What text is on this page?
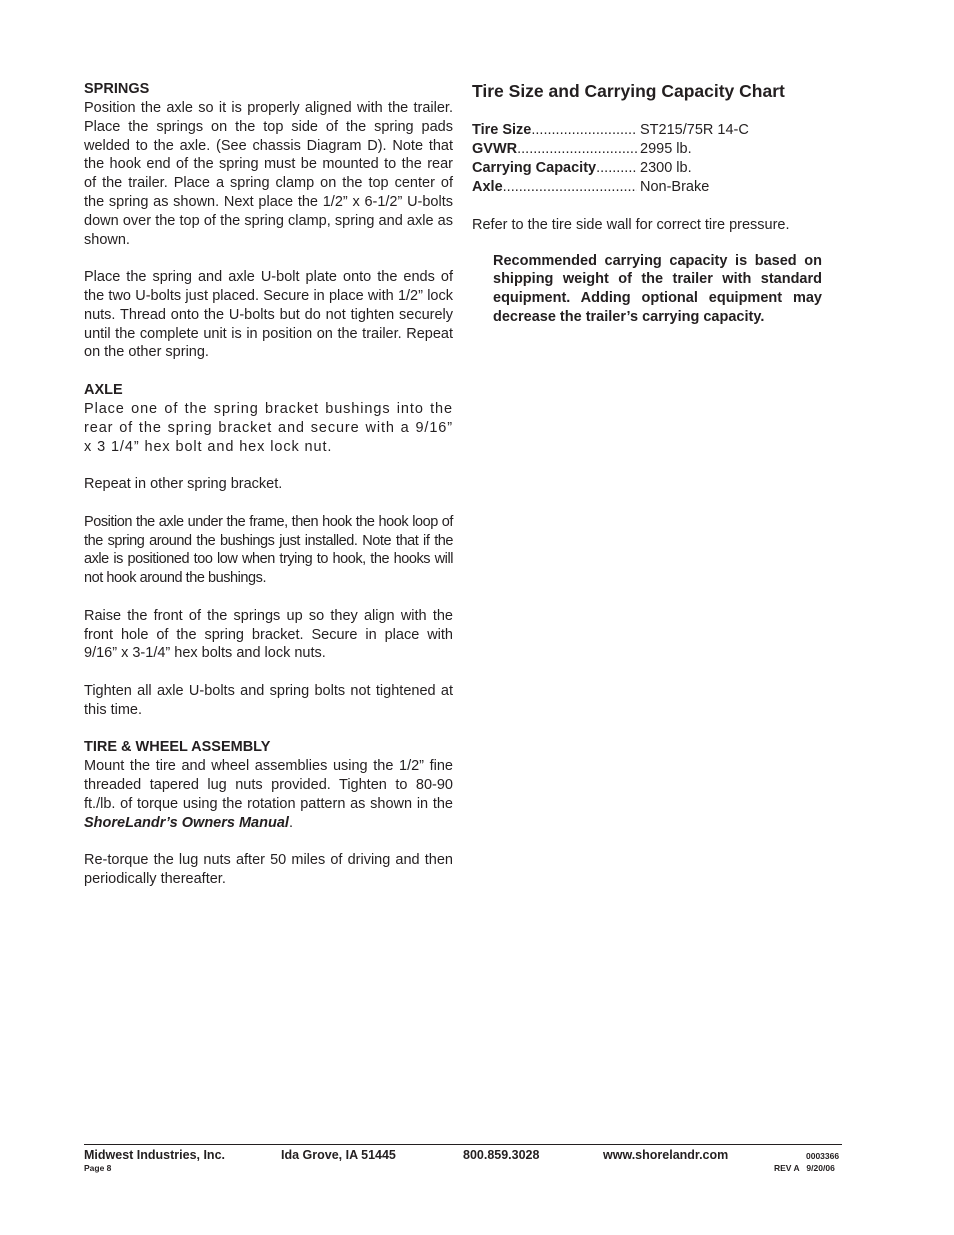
SPRINGS

Position the axle so it is properly aligned with the trailer. Place the springs on the top side of the spring pads welded to the axle. (See chassis Diagram D). Note that the hook end of the spring must be mounted to the rear of the trailer. Place a spring clamp on the top center of the spring as shown. Next place the 1/2” x 6-1/2” U-bolts down over the top of the spring clamp, spring and axle as shown.

Place the spring and axle U-bolt plate onto the ends of the two U-bolts just placed. Secure in place with 1/2” lock nuts. Thread onto the U-bolts but do not tighten securely until the complete unit is in position on the trailer. Repeat on the other spring.

AXLE

Place one of the spring bracket bushings into the rear of the spring bracket and secure with a 9/16” x 3 1/4” hex bolt and hex lock nut.

Repeat in other spring bracket.

Position the axle under the frame, then hook the hook loop of the spring around the bushings just installed. Note that if the axle is positioned too low when trying to hook, the hooks will not hook around the bushings.

Raise the front of the springs up so they align with the front hole of the spring bracket. Secure in place with 9/16” x 3-1/4” hex bolts and lock nuts.

Tighten all axle U-bolts and spring bolts not tightened at this time.

TIRE & WHEEL ASSEMBLY

Mount the tire and wheel assemblies using the 1/2” fine threaded tapered lug nuts provided. Tighten to 80-90 ft./lb. of torque using the rotation pattern as shown in the ShoreLandr’s Owners Manual.

Re-torque the lug nuts after 50 miles of driving and then periodically thereafter.

Tire Size and Carrying Capacity Chart

Tire Size .....	ST215/75R 14-C
GVWR .....	2995 lb.
Carrying Capacity .....	2300 lb.
Axle .....	Non-Brake

Refer to the tire side wall for correct tire pressure.

Recommended carrying capacity is based on shipping weight of the trailer with standard equipment. Adding optional equipment may decrease the trailer’s carrying capacity.

Midwest Industries, Inc.	Ida Grove, IA 51445	800.859.3028	www.shorelandr.com	0003366
Page 8	REV A   9/20/06
